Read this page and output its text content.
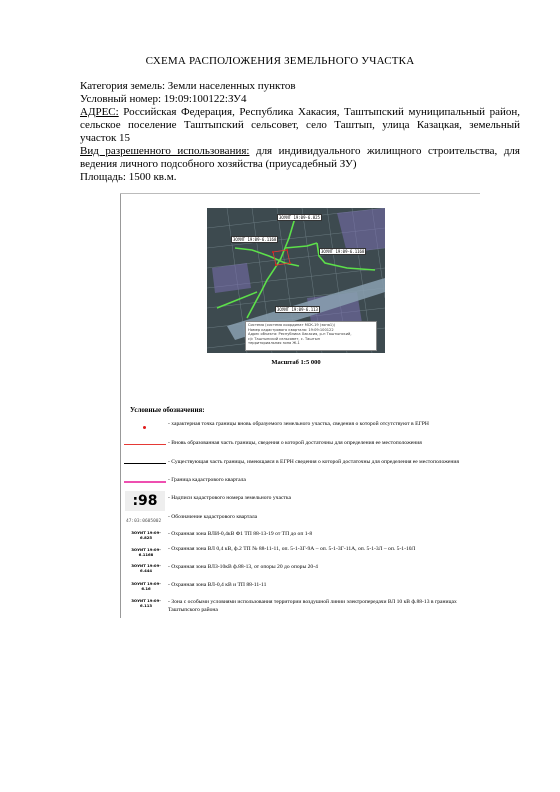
СХЕМА РАСПОЛОЖЕНИЯ ЗЕМЕЛЬНОГО УЧАСТКА

Категория земель: Земли населенных пунктов

Условный номер: 19:09:100122:ЗУ4

АДРЕС: Российская Федерация, Республика Хакасия, Таштыпский муниципальный район, сельское поселение Таштыпский сельсовет, село Таштып, улица Казацкая, земельный участок 15

Вид разрешенного использования: для индивидуального жилищного строительства, для ведения личного подсобного хозяйства (приусадебный ЗУ)

Площадь: 1500 кв.м.

ЗОУИТ 19:09-6.825
ЗОУИТ 19:09-6.1168
ЗОУИТ 19:09-6.1168
ЗОУИТ 19:09-6.113
Система (система координат МСК-19 (зона1))
Номер кадастрового квартала: 19:09:100122
Адрес объекта: Республика Хакасия, р-н Таштыпский,
с/с Таштыпский сельсовет, с. Таштып
территориальная зона Ж-1
Масштаб 1:5 000
Условные обозначения:
- характерная точка границы вновь образуемого земельного участка, сведения о которой отсутствуют в ЕГРН
- Вновь образованная часть границы, сведения о которой достаточны для определения ее местоположения
- Существующая часть границы, имеющаяся в ЕГРН сведения о которой достаточны для определения ее местоположения
- Граница кадастрового квартала
:98	- Надписи кадастрового номера земельного участка
47:03:0605002
- Обозначение кадастрового квартала
ЗОУИТ 19:09-6.825
- Охранная зона ВЛИ-0,4кВ Ф1 ТП 88-13-19 от ТП до оп 1-8
ЗОУИТ 19:09-6.1168
- Охранная зона ВЛ 0,4 кВ, ф.2 ТП № 88-11-11, оп. 5-1-3Г-9А – оп. 5-1-3Г-11А, оп. 5-1-3Л – оп. 5-1-10Л
ЗОУИТ 19:09-6.444
- Охранная зона ВЛЗ-10кВ ф.88-13, от опоры 20 до опоры 20-4
ЗОУИТ 19:09-6.16
- Охранная зона ВЛ-0,4 кВ и ТП 88-11-11
ЗОУИТ 19:09-6.113
- Зона с особыми условиями использования территории воздушной линии электропередачи ВЛ 10 кВ ф.88-13 в границах Таштыпского района
